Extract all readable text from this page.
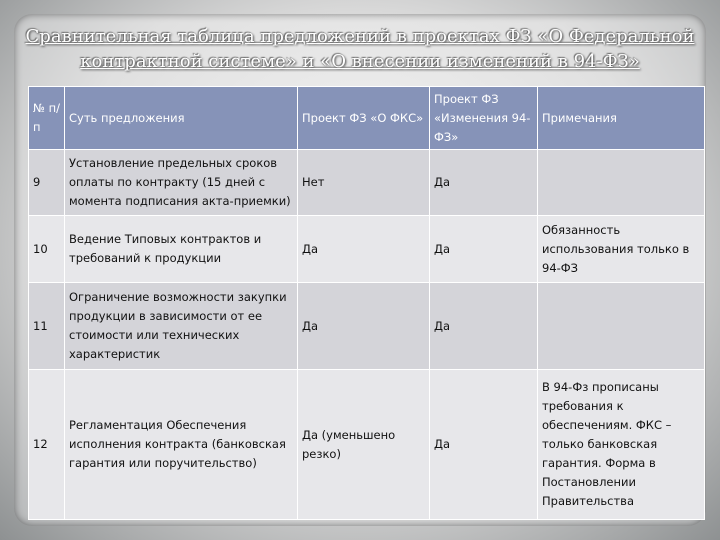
Сравнительная таблица предложений в проектах ФЗ «О Федеральной
контрактной системе» и «О внесении изменений в 94-ФЗ»
№ п/п	Суть предложения	Проект ФЗ «О ФКС»	Проект ФЗ «Изменения 94-ФЗ»	Примечания
9	Установление предельных сроков оплаты по контракту (15 дней с момента подписания акта-приемки)	Нет	Да	
10	Ведение Типовых контрактов и требований к продукции	Да	Да	Обязанность использования только в 94-ФЗ
11	Ограничение возможности закупки продукции в зависимости от ее стоимости или технических характеристик	Да	Да	
12	Регламентация Обеспечения исполнения контракта (банковская гарантия или поручительство)	Да (уменьшено резко)	Да	В 94-Фз прописаны требования к обеспечениям. ФКС – только банковская гарантия. Форма в Постановлении Правительства
